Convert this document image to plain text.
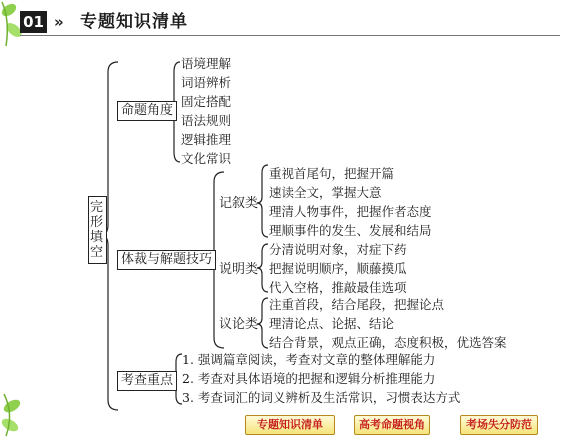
01 » 专题知识清单
完形填空
命题角度
语境理解
词语辨析
固定搭配
语法规则
逻辑推理
文化常识
体裁与解题技巧
记叙类
重视首尾句，把握开篇
速读全文，掌握大意
理清人物事件，把握作者态度
理顺事件的发生、发展和结局
说明类
分清说明对象，对症下药
把握说明顺序，顺藤摸瓜
代入空格，推敲最佳选项
议论类
注重首段，结合尾段，把握论点
理清论点、论据、结论
结合背景，观点正确，态度积极，优选答案
考查重点
1. 强调篇章阅读，考查对文章的整体理解能力
2. 考查对具体语境的把握和逻辑分析推理能力
3. 考查词汇的词义辨析及生活常识，习惯表达方式
专题知识清单	高考命题视角	考场失分防范
